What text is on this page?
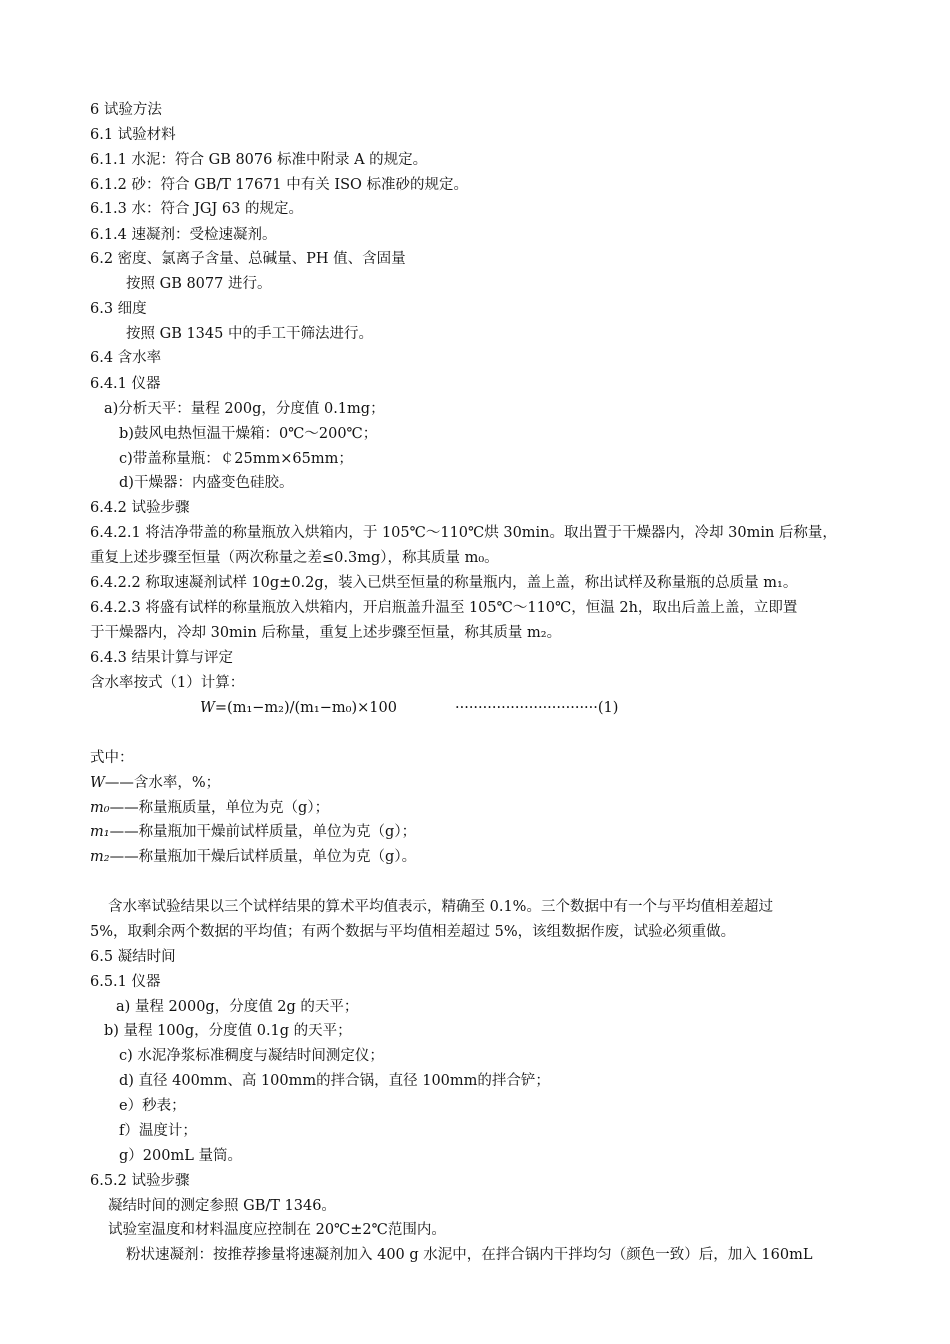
6 试验方法
6.1 试验材料
6.1.1 水泥：符合 GB 8076 标准中附录 A 的规定。
6.1.2 砂：符合 GB/T 17671 中有关 ISO 标准砂的规定。
6.1.3 水：符合 JGJ 63 的规定。
6.1.4 速凝剂：受检速凝剂。
6.2 密度、氯离子含量、总碱量、PH 值、含固量
按照 GB 8077 进行。
6.3 细度
按照 GB 1345 中的手工干筛法进行。
6.4 含水率
6.4.1 仪器
a)分析天平：量程 200g，分度值 0.1mg；
b)鼓风电热恒温干燥箱：0℃～200℃；
c)带盖称量瓶：￠25mm×65mm；
d)干燥器：内盛变色硅胶。
6.4.2 试验步骤
6.4.2.1 将洁净带盖的称量瓶放入烘箱内，于 105℃～110℃烘 30min。取出置于干燥器内，冷却 30min 后称量，
重复上述步骤至恒量（两次称量之差≤0.3mg），称其质量 m₀。
6.4.2.2 称取速凝剂试样 10g±0.2g，装入已烘至恒量的称量瓶内，盖上盖，称出试样及称量瓶的总质量 m₁。
6.4.2.3 将盛有试样的称量瓶放入烘箱内，开启瓶盖升温至 105℃～110℃，恒温 2h，取出后盖上盖，立即置
于干燥器内，冷却 30min 后称量，重复上述步骤至恒量，称其质量 m₂。
6.4.3 结果计算与评定
含水率按式（1）计算：
W=(m₁−m₂)/(m₁−m₀)×100	·······························(1)
式中：
W——含水率，%；
m₀——称量瓶质量，单位为克（g）；
m₁——称量瓶加干燥前试样质量，单位为克（g）；
m₂——称量瓶加干燥后试样质量，单位为克（g）。
含水率试验结果以三个试样结果的算术平均值表示，精确至 0.1%。三个数据中有一个与平均值相差超过
5%，取剩余两个数据的平均值；有两个数据与平均值相差超过 5%，该组数据作废，试验必须重做。
6.5 凝结时间
6.5.1 仪器
a) 量程 2000g，分度值 2g 的天平；
b) 量程 100g，分度值 0.1g 的天平；
c) 水泥净浆标准稠度与凝结时间测定仪；
d) 直径 400mm、高 100mm的拌合锅，直径 100mm的拌合铲；
e）秒表；
f）温度计；
g）200mL 量筒。
6.5.2 试验步骤
凝结时间的测定参照 GB/T 1346。
试验室温度和材料温度应控制在 20℃±2℃范围内。
粉状速凝剂：按推荐掺量将速凝剂加入 400 g 水泥中，在拌合锅内干拌均匀（颜色一致）后，加入 160mL
